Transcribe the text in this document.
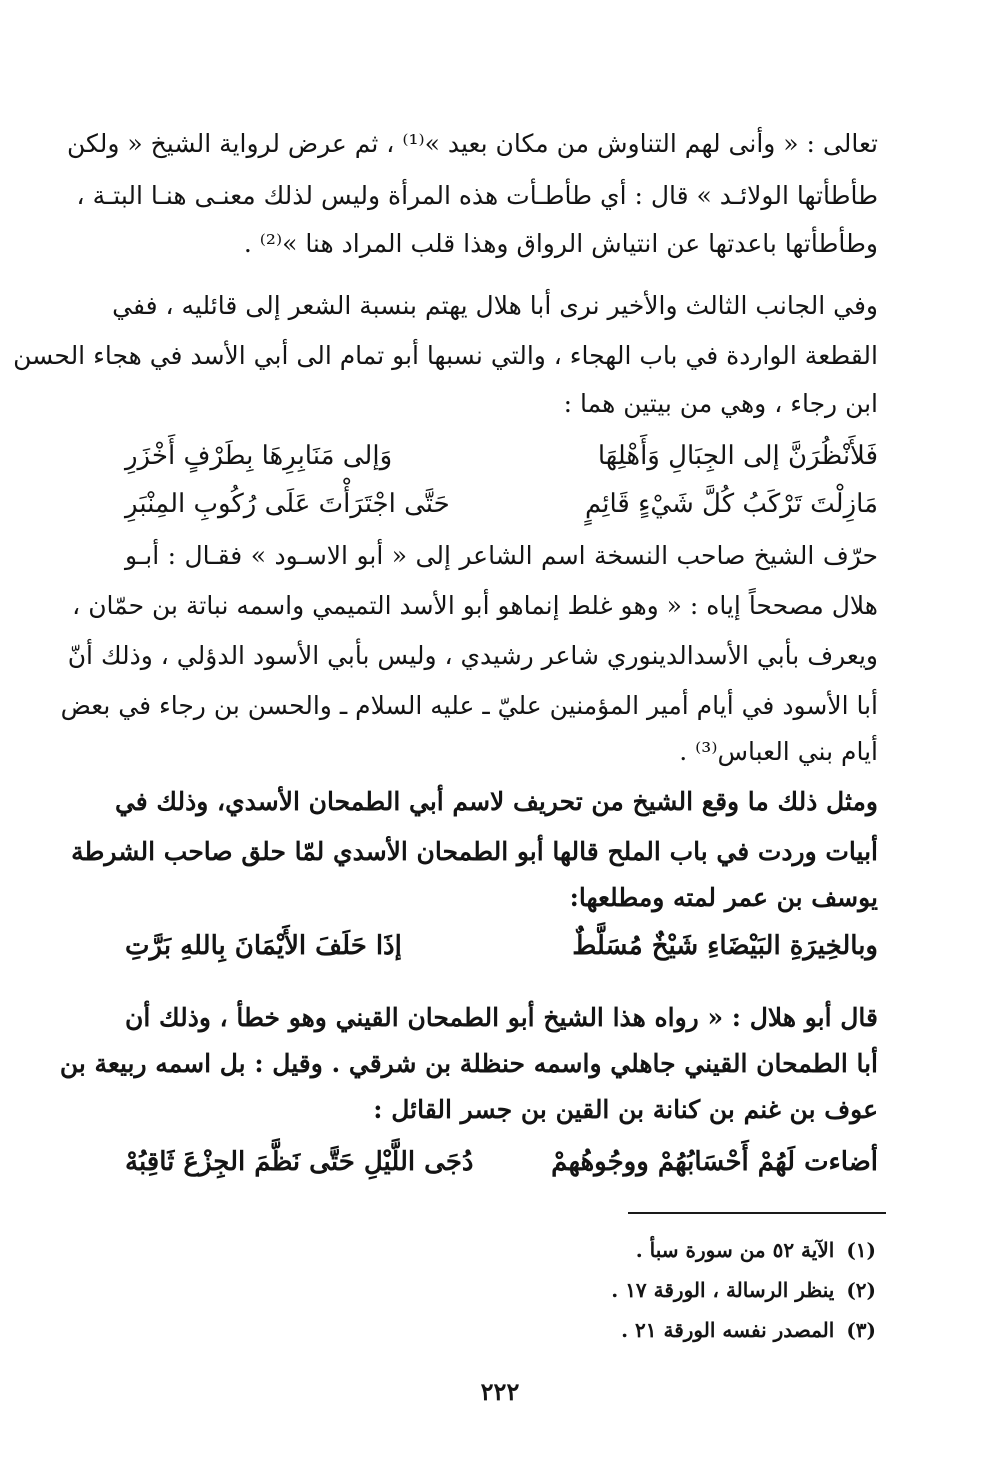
تعالى : « وأنى لهم التناوش من مكان بعيد »⁽¹⁾ ، ثم عرض لرواية الشيخ « ولكن
طأطأتها الولائـد » قال : أي طأطـأت هذه المرأة وليس لذلك معنـى هنـا البتـة ،
وطأطأتها باعدتها عن انتياش الرواق وهذا قلب المراد هنا »⁽²⁾ .
وفي الجانب الثالث والأخير نرى أبا هلال يهتم بنسبة الشعر إلى قائليه ، ففي
القطعة الواردة في باب الهجاء ، والتي نسبها أبو تمام الى أبي الأسد في هجاء الحسن
ابن رجاء ، وهي من بيتين هما :
فَلأَنْظُرَنَّ إلى الجِبَالِ وَأَهْلِهَا
وَإلى مَنَابِرِهَا بِطَرْفٍ أَخْزَرِ
مَازِلْتَ تَرْكَبُ كُلَّ شَيْءٍ قَائِمٍ
حَتَّى اجْتَرَأْتَ عَلَى رُكُوبِ المِنْبَرِ
حرّف الشيخ صاحب النسخة اسم الشاعر إلى « أبو الاسـود » فقـال : أبـو
هلال مصححاً إياه : « وهو غلط إنماهو أبو الأسد التميمي واسمه نباتة بن حمّان ،
ويعرف بأبي الأسدالدينوري شاعر رشيدي ، وليس بأبي الأسود الدؤلي ، وذلك أنّ
أبا الأسود في أيام أمير المؤمنين عليّ ـ عليه السلام ـ والحسن بن رجاء في بعض
أيام بني العباس⁽³⁾ .
ومثل ذلك ما وقع الشيخ من تحريف لاسم أبي الطمحان الأسدي، وذلك في
أبيات وردت في باب الملح قالها أبو الطمحان الأسدي لمّا حلق صاحب الشرطة
يوسف بن عمر لمته ومطلعها:
وبالخِيرَةِ البَيْضَاءِ شَيْخٌ مُسَلَّطٌ
إذَا حَلَفَ الأَيْمَانَ بِاللهِ بَرَّتِ
قال أبو هلال : « رواه هذا الشيخ أبو الطمحان القيني وهو خطأ ، وذلك أن
أبا الطمحان القيني جاهلي واسمه حنظلة بن شرقي . وقيل : بل اسمه ربيعة بن
عوف بن غنم بن كنانة بن القين بن جسر القائل :
أضاءت لَهُمْ أَحْسَابُهُمْ ووجُوهُهمْ
دُجَى اللَّيْلِ حَتَّى نَظَّمَ الجِزْعَ ثَاقِبُهْ
(١)الآية ٥٢ من سورة سبأ .
(٢)ينظر الرسالة ، الورقة ١٧ .
(٣)المصدر نفسه الورقة ٢١ .
٢٢٢
